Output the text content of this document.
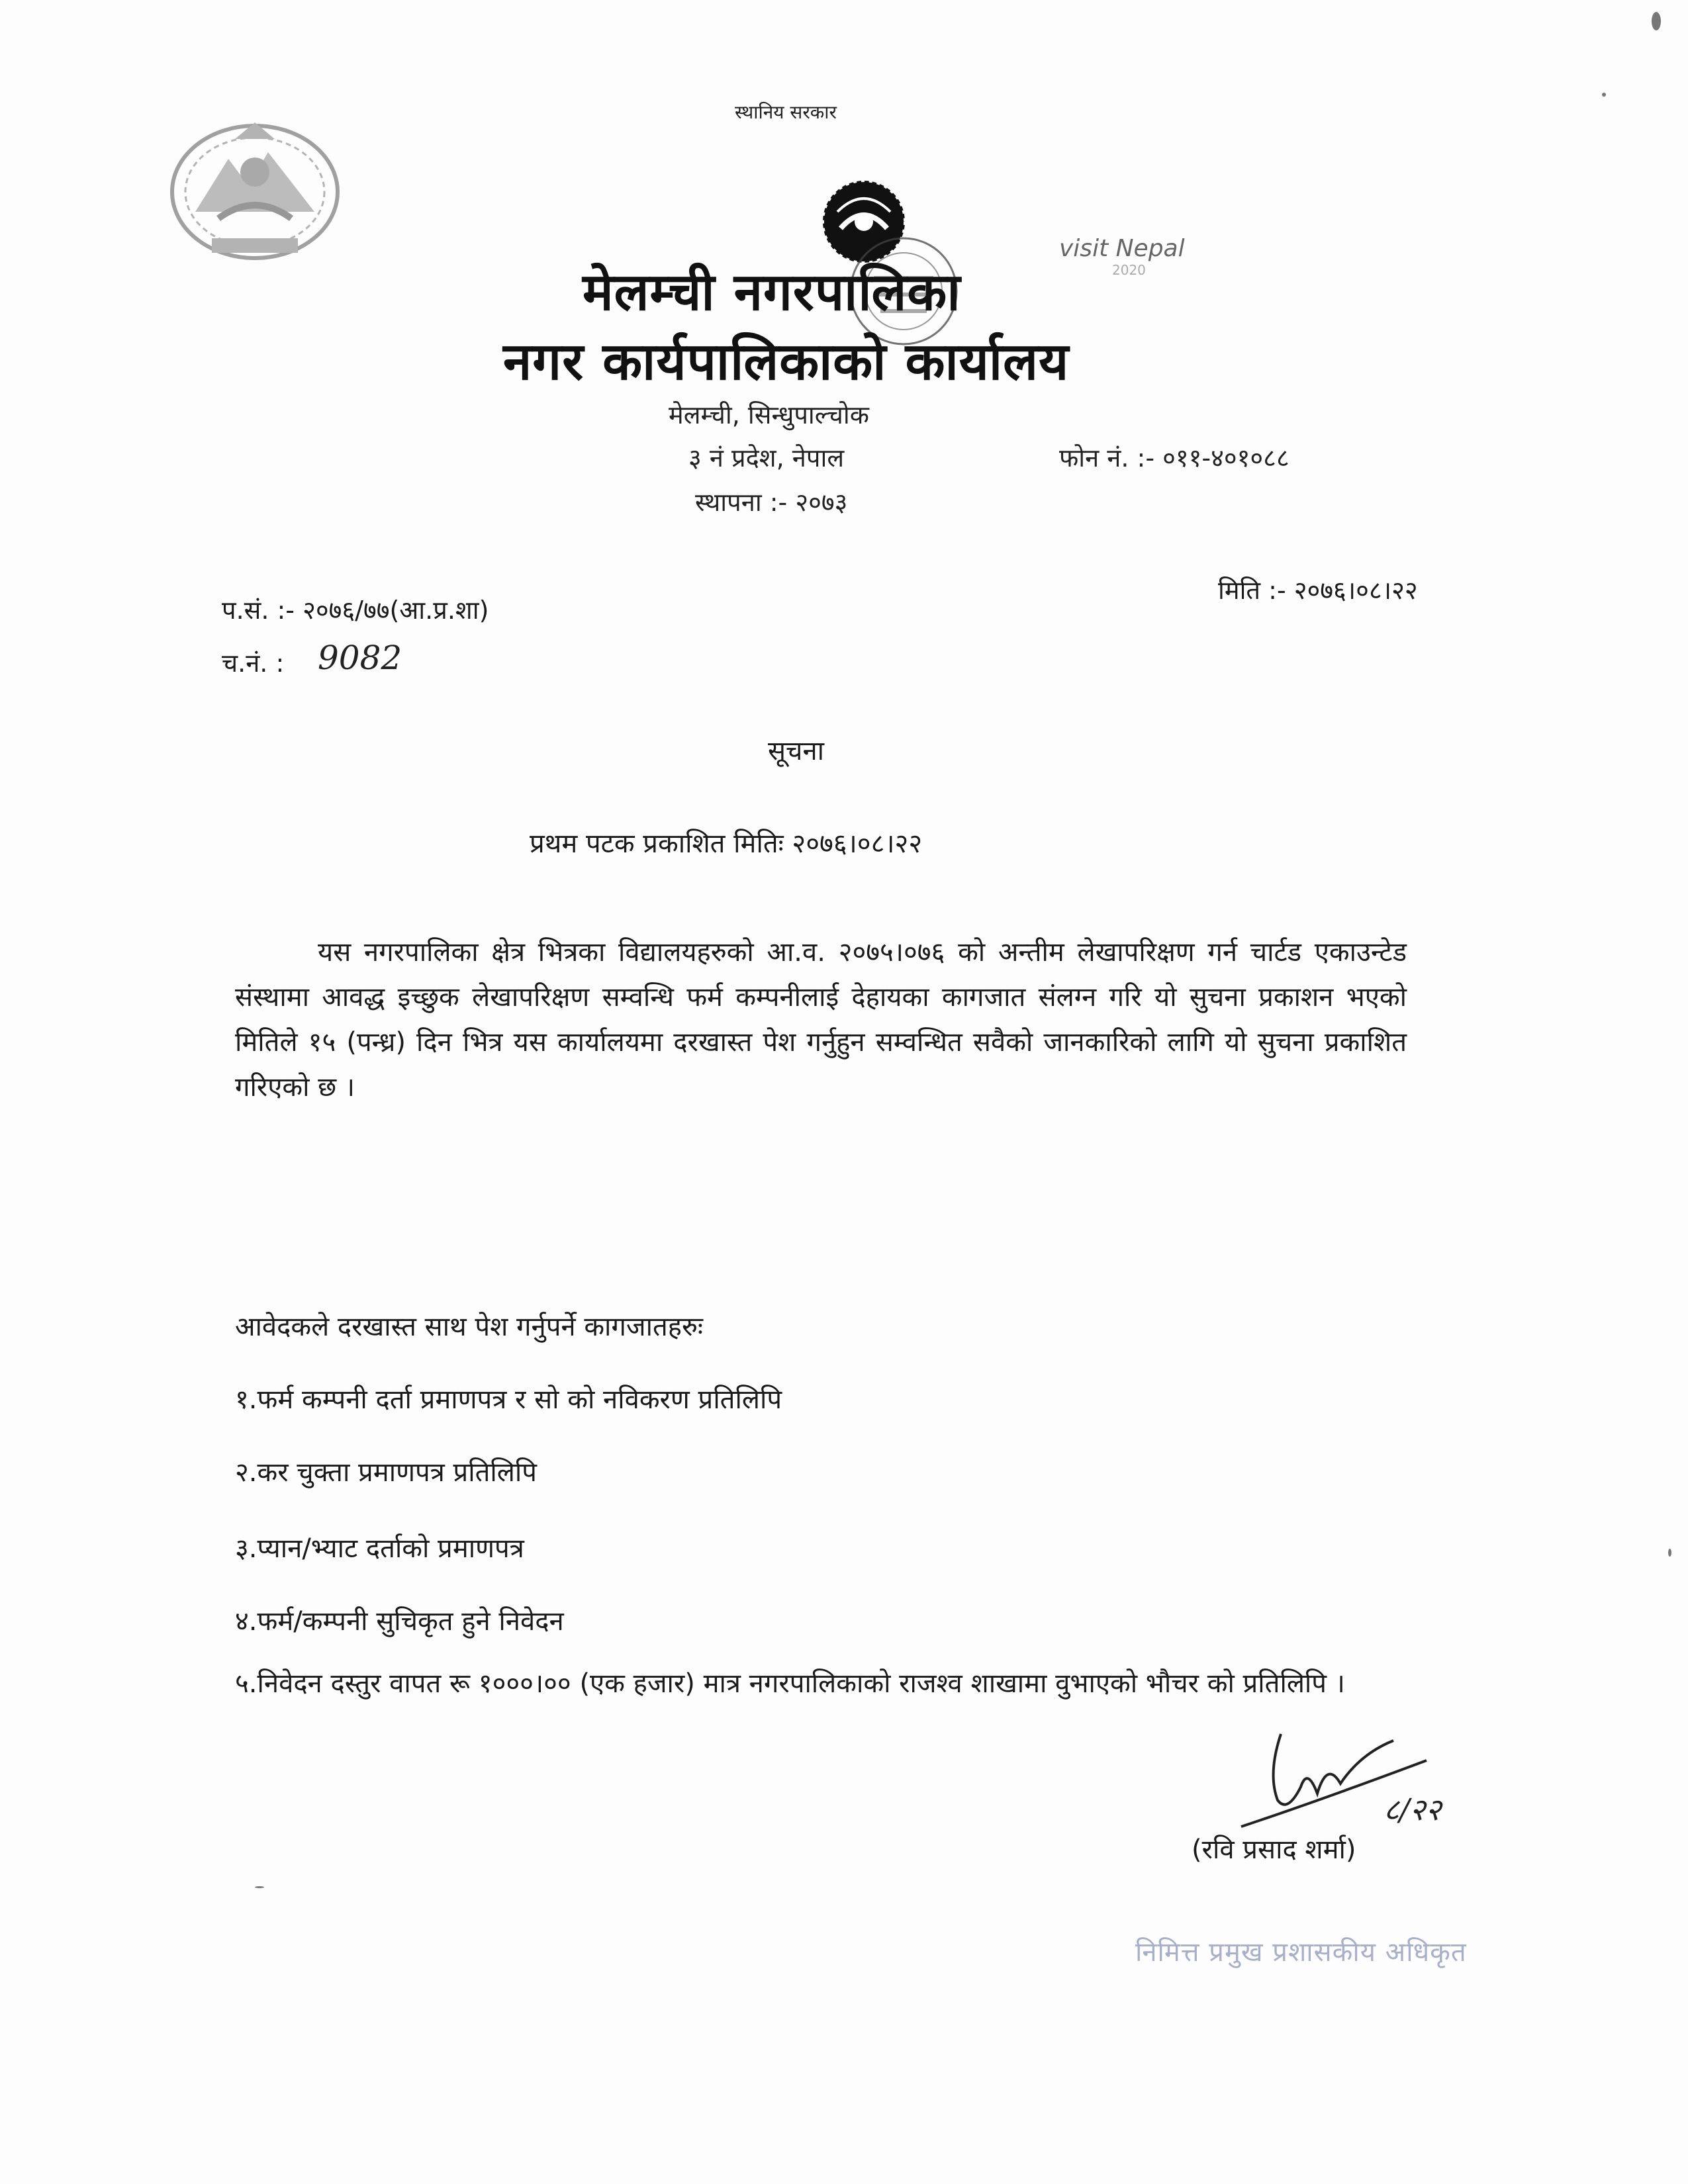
स्थानिय सरकार
visit Nepal
2020
मेलम्ची नगरपालिका
नगर कार्यपालिकाको कार्यालय
मेलम्ची, सिन्धुपाल्चोक
३ नं प्रदेश, नेपाल
स्थापना :- २०७३
फोन नं. :- ०११-४०१०८८
प.सं. :- २०७६/७७(आ.प्र.शा)
मिति :- २०७६।०८।२२
च.नं. : 9082
सूचना
प्रथम पटक प्रकाशित मितिः २०७६।०८।२२
यस नगरपालिका क्षेत्र भित्रका विद्यालयहरुको आ.व. २०७५।०७६ को अन्तीम लेखापरिक्षण गर्न चार्टड एकाउन्टेड संस्थामा आवद्ध इच्छुक लेखापरिक्षण सम्वन्धि फर्म कम्पनीलाई देहायका कागजात संलग्न गरि यो सुचना प्रकाशन भएको मितिले १५ (पन्ध्र) दिन भित्र यस कार्यालयमा दरखास्त पेश गर्नुहुन सम्वन्धित सवैको जानकारिको लागि यो सुचना प्रकाशित गरिएको छ ।
आवेदकले दरखास्त साथ पेश गर्नुपर्ने कागजातहरुः
१.फर्म कम्पनी दर्ता प्रमाणपत्र र सो को नविकरण प्रतिलिपि
२.कर चुक्ता प्रमाणपत्र प्रतिलिपि
३.प्यान/भ्याट दर्ताको प्रमाणपत्र
४.फर्म/कम्पनी सुचिकृत हुने निवेदन
५.निवेदन दस्तुर वापत रू १०००।०० (एक हजार) मात्र नगरपालिकाको राजश्व शाखामा वुभाएको भौचर को प्रतिलिपि ।
८/२२
(रवि प्रसाद शर्मा)
निमित्त प्रमुख प्रशासकीय अधिकृत
